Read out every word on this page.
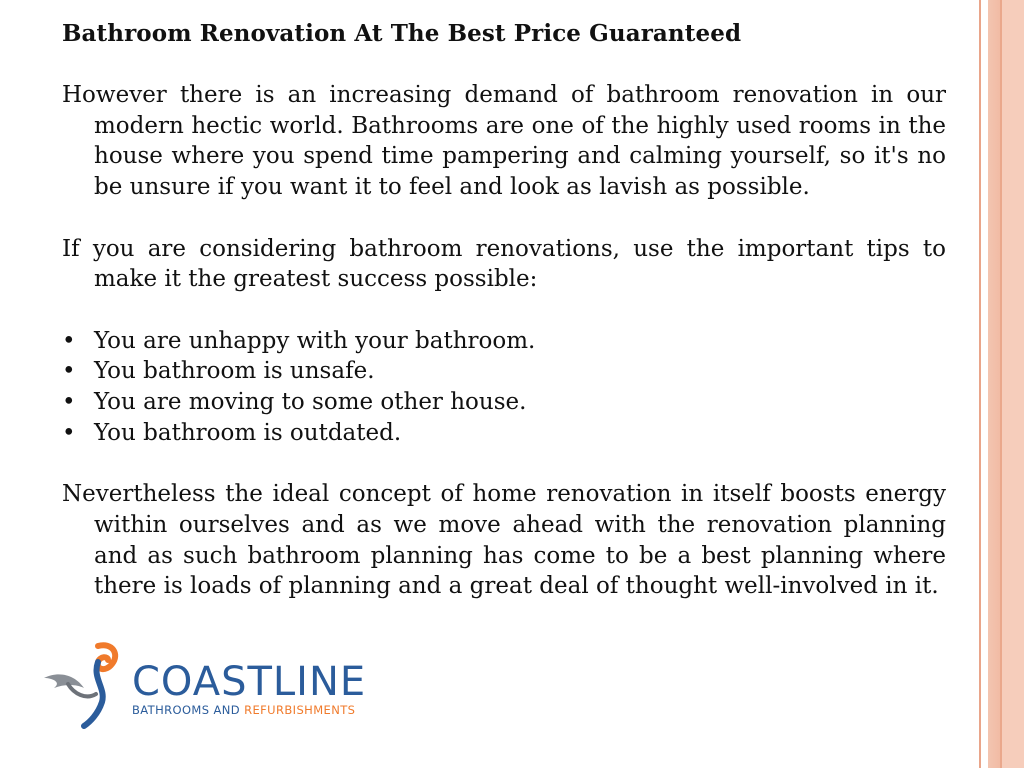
Bathroom Renovation At The Best Price Guaranteed

However there is an increasing demand of bathroom renovation in our modern hectic world. Bathrooms are one of the highly used rooms in the house where you spend time pampering and calming yourself, so it's no be unsure if you want it to feel and look as lavish as possible.

If you are considering bathroom renovations, use the important tips to make it the greatest success possible:

• You are unhappy with your bathroom.
• You bathroom is unsafe.
• You are moving to some other house.
• You bathroom is outdated.

Nevertheless the ideal concept of home renovation in itself boosts energy within ourselves and as we move ahead with the renovation planning and as such bathroom planning has come to be a best planning where there is loads of planning and a great deal of thought well-involved in it.

COASTLINE
BATHROOMS AND REFURBISHMENTS
